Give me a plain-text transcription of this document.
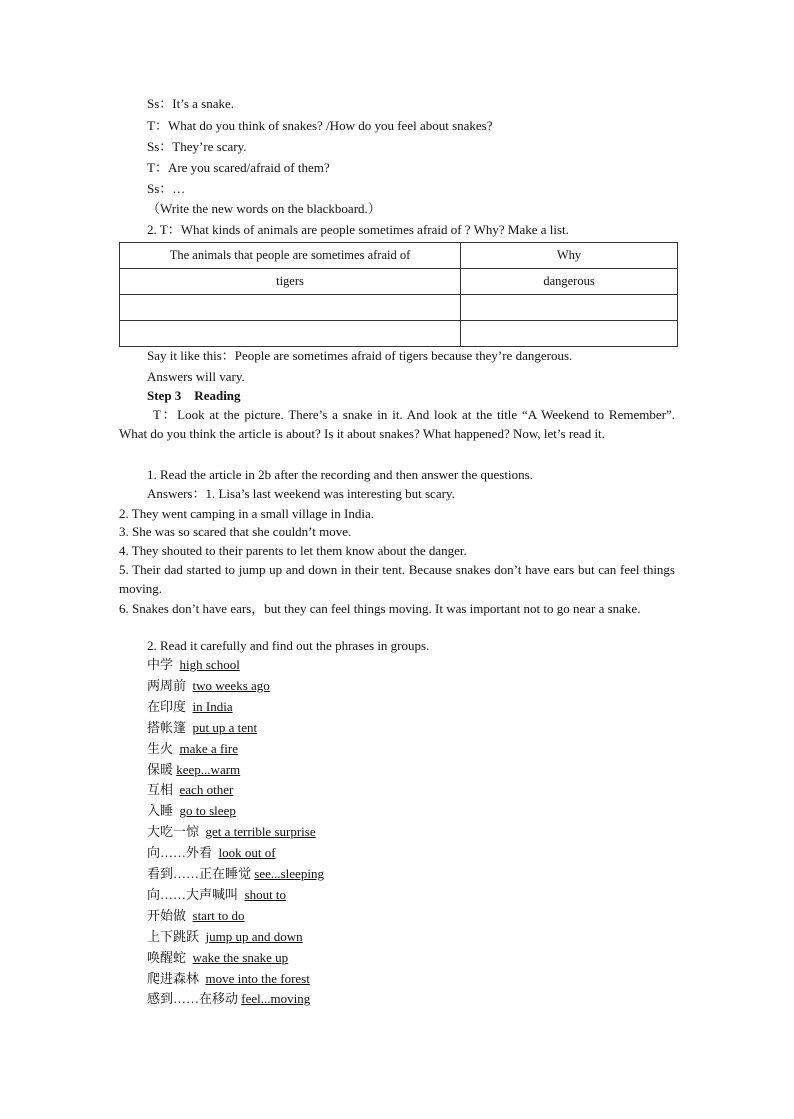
Ss：It’s a snake.
T：What do you think of snakes? /How do you feel about snakes?
Ss：They’re scary.
T：Are you scared/afraid of them?
Ss：…
（Write the new words on the blackboard.）
2. T：What kinds of animals are people sometimes afraid of ? Why? Make a list.
The animals that people are sometimes afraid of	Why
tigers	dangerous

Say it like this：People are sometimes afraid of tigers because they’re dangerous.
Answers will vary.
Step 3　Reading
T：Look at the picture. There’s a snake in it. And look at the title “A Weekend to Remember”. What do you think the article is about? Is it about snakes? What happened? Now, let’s read it.
1. Read the article in 2b after the recording and then answer the questions.
Answers：1. Lisa’s last weekend was interesting but scary.
2. They went camping in a small village in India.
3. She was so scared that she couldn’t move.
4. They shouted to their parents to let them know about the danger.
5. Their dad started to jump up and down in their tent. Because snakes don’t have ears but can feel things moving.
6. Snakes don’t have ears，but they can feel things moving. It was important not to go near a snake.
2. Read it carefully and find out the phrases in groups.
中学  high school
两周前  two weeks ago
在印度  in India
搭帐篷  put up a tent
生火  make a fire
保暖 keep...warm
互相  each other
入睡  go to sleep
大吃一惊  get a terrible surprise
向……外看  look out of
看到……正在睡觉 see...sleeping
向……大声喊叫  shout to
开始做  start to do
上下跳跃  jump up and down
唤醒蛇  wake the snake up
爬进森林  move into the forest
感到……在移动 feel...moving
